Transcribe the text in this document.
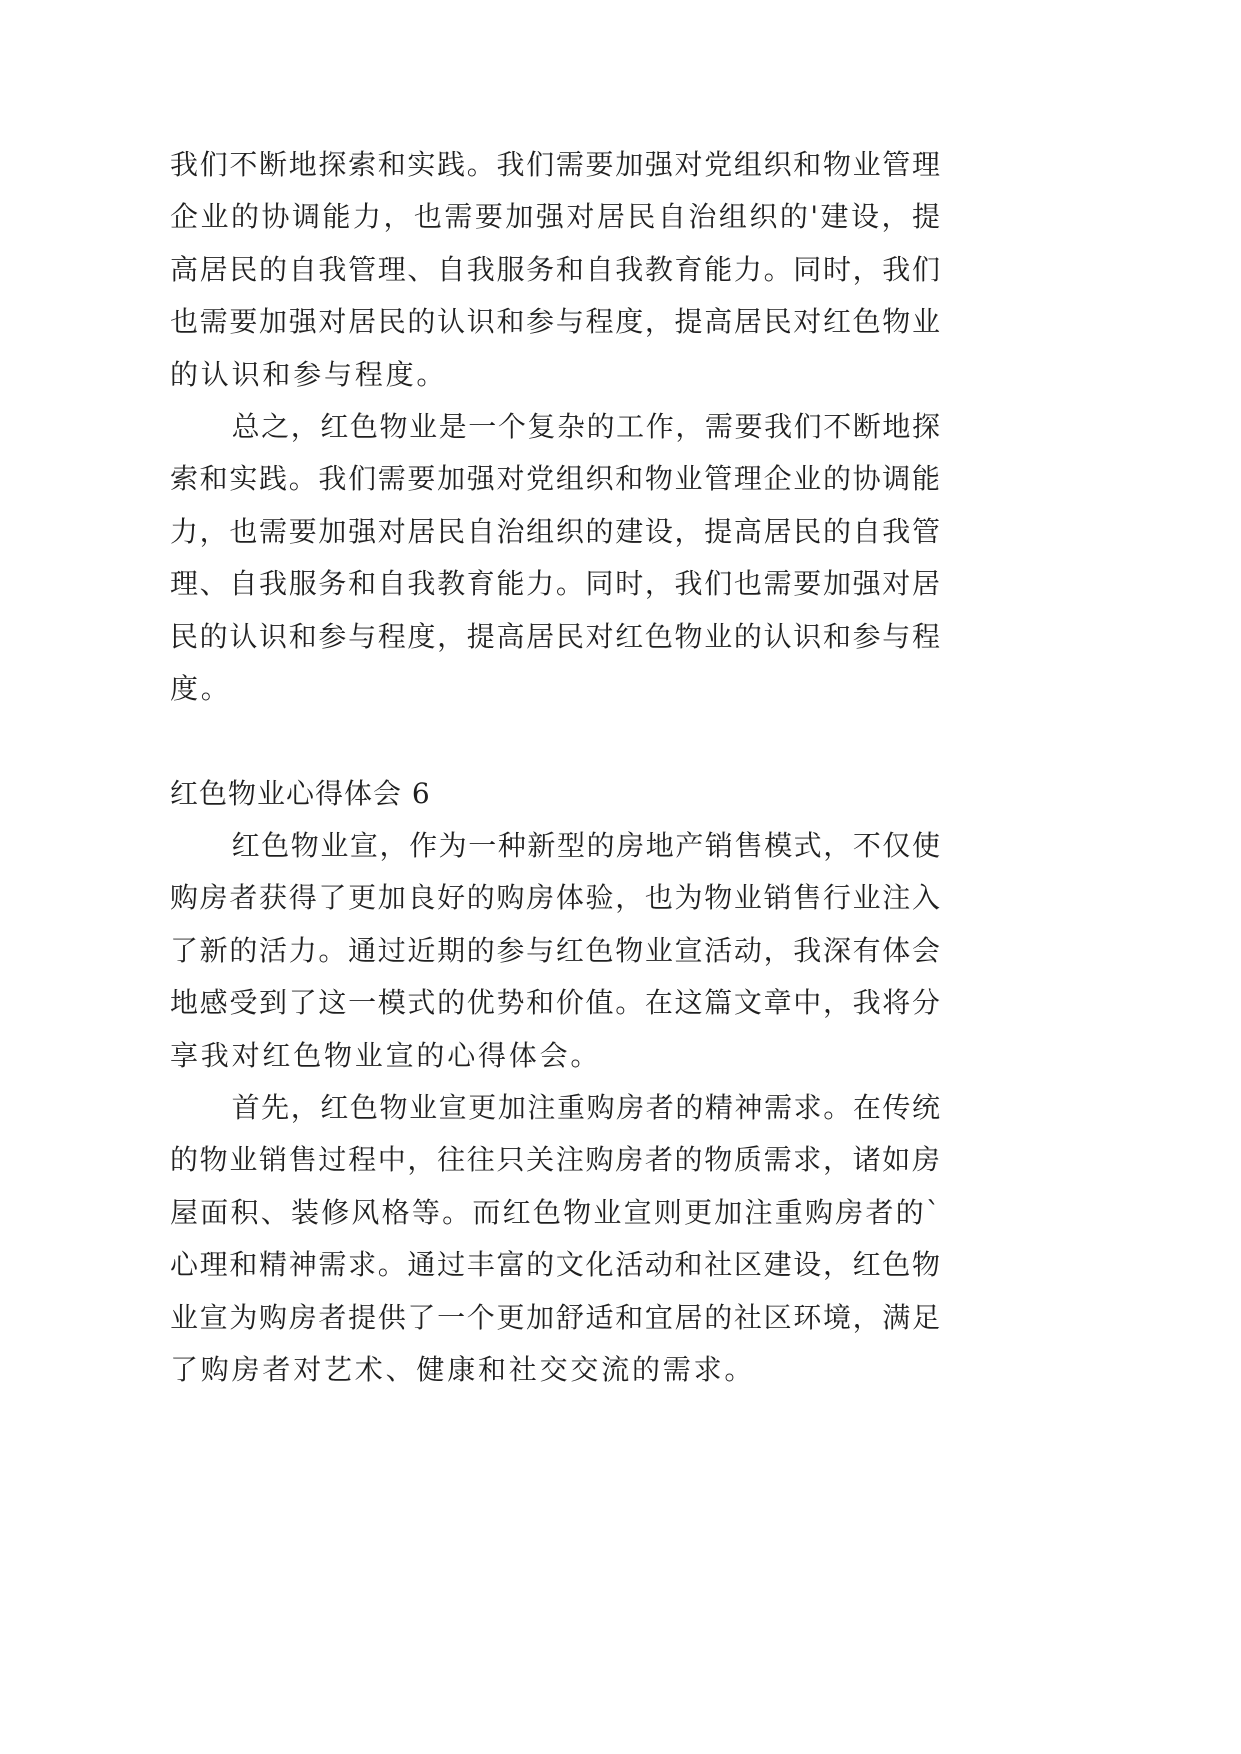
我们不断地探索和实践。我们需要加强对党组织和物业管理
企业的协调能力，也需要加强对居民自治组织的'建设，提
高居民的自我管理、自我服务和自我教育能力。同时，我们
也需要加强对居民的认识和参与程度，提高居民对红色物业
的认识和参与程度。
总之，红色物业是一个复杂的工作，需要我们不断地探
索和实践。我们需要加强对党组织和物业管理企业的协调能
力，也需要加强对居民自治组织的建设，提高居民的自我管
理、自我服务和自我教育能力。同时，我们也需要加强对居
民的认识和参与程度，提高居民对红色物业的认识和参与程
度。
红色物业心得体会 6
红色物业宣，作为一种新型的房地产销售模式，不仅使
购房者获得了更加良好的购房体验，也为物业销售行业注入
了新的活力。通过近期的参与红色物业宣活动，我深有体会
地感受到了这一模式的优势和价值。在这篇文章中，我将分
享我对红色物业宣的心得体会。
首先，红色物业宣更加注重购房者的精神需求。在传统
的物业销售过程中，往往只关注购房者的物质需求，诸如房
屋面积、装修风格等。而红色物业宣则更加注重购房者的`
心理和精神需求。通过丰富的文化活动和社区建设，红色物
业宣为购房者提供了一个更加舒适和宜居的社区环境，满足
了购房者对艺术、健康和社交交流的需求。
